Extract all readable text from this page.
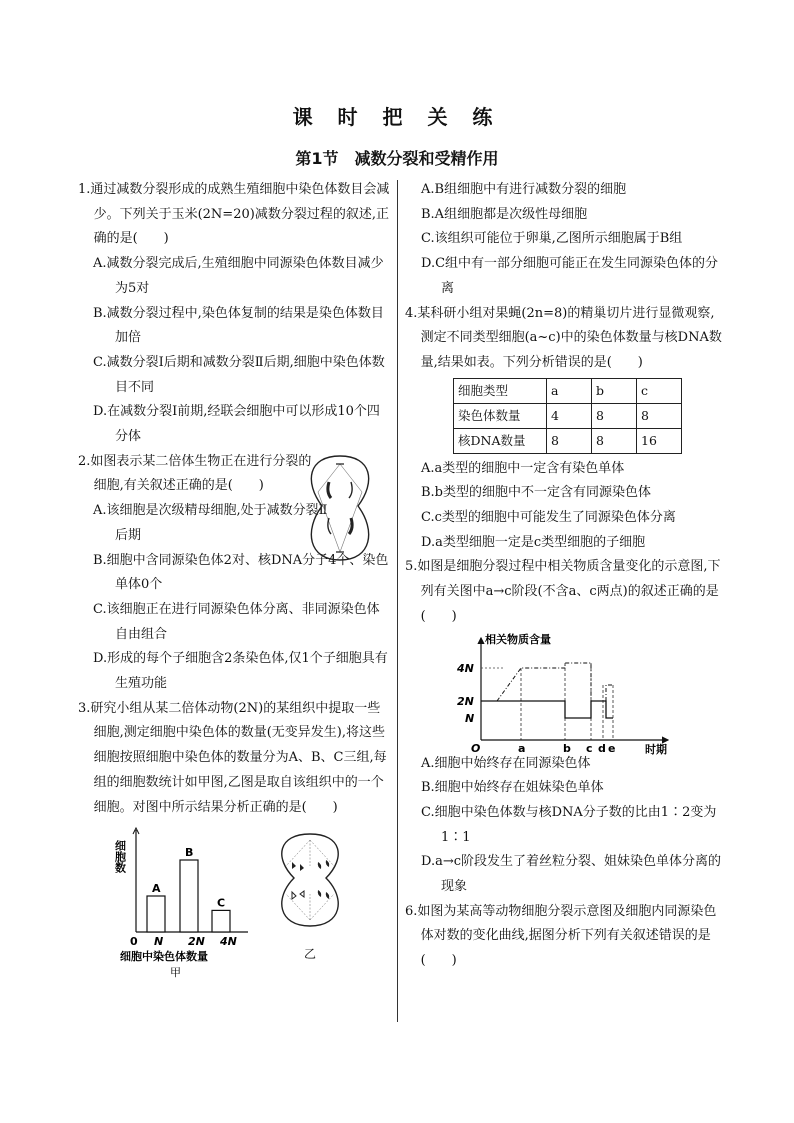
课 时 把 关 练
第1节　减数分裂和受精作用

1.通过减数分裂形成的成熟生殖细胞中染色体数目会减少。下列关于玉米(2N=20)减数分裂过程的叙述,正确的是(　　)

A.减数分裂完成后,生殖细胞中同源染色体数目减少为5对

B.减数分裂过程中,染色体复制的结果是染色体数目加倍

C.减数分裂Ⅰ后期和减数分裂Ⅱ后期,细胞中染色体数目不同

D.在减数分裂Ⅰ前期,经联会细胞中可以形成10个四分体

2.如图表示某二倍体生物正在进行分裂的细胞,有关叙述正确的是(　　)

A.该细胞是次级精母细胞,处于减数分裂Ⅱ后期

B.细胞中含同源染色体2对、核DNA分子4个、染色单体0个

C.该细胞正在进行同源染色体分离、非同源染色体自由组合

D.形成的每个子细胞含2条染色体,仅1个子细胞具有生殖功能

3.研究小组从某二倍体动物(2N)的某组织中提取一些细胞,测定细胞中染色体的数量(无变异发生),将这些细胞按照细胞中染色体的数量分为A、B、C三组,每组的细胞数统计如甲图,乙图是取自该组织中的一个细胞。对图中所示结果分析正确的是(　　)

细胞数
0 N 2N 4N
A
B
C
细胞中染色体数量
甲
乙

A.B组细胞中有进行减数分裂的细胞

B.A组细胞都是次级性母细胞

C.该组织可能位于卵巢,乙图所示细胞属于B组

D.C组中有一部分细胞可能正在发生同源染色体的分离

4.某科研小组对果蝇(2n=8)的精巢切片进行显微观察,测定不同类型细胞(a~c)中的染色体数量与核DNA数量,结果如表。下列分析错误的是(　　)

细胞类型	a	b	c
染色体数量	4	8	8
核DNA数量	8	8	16

A.a类型的细胞中一定含有染色单体

B.b类型的细胞中不一定含有同源染色体

C.c类型的细胞中可能发生了同源染色体分离

D.a类型细胞一定是c类型细胞的子细胞

5.如图是细胞分裂过程中相关物质含量变化的示意图,下列有关图中a→c阶段(不含a、c两点)的叙述正确的是(　　)

相关物质含量
时期
4N
2N
N
O	a	b c d e

A.细胞中始终存在同源染色体

B.细胞中始终存在姐妹染色单体

C.细胞中染色体数与核DNA分子数的比由1∶2变为1∶1

D.a→c阶段发生了着丝粒分裂、姐妹染色单体分离的现象

6.如图为某高等动物细胞分裂示意图及细胞内同源染色体对数的变化曲线,据图分析下列有关叙述错误的是(　　)
